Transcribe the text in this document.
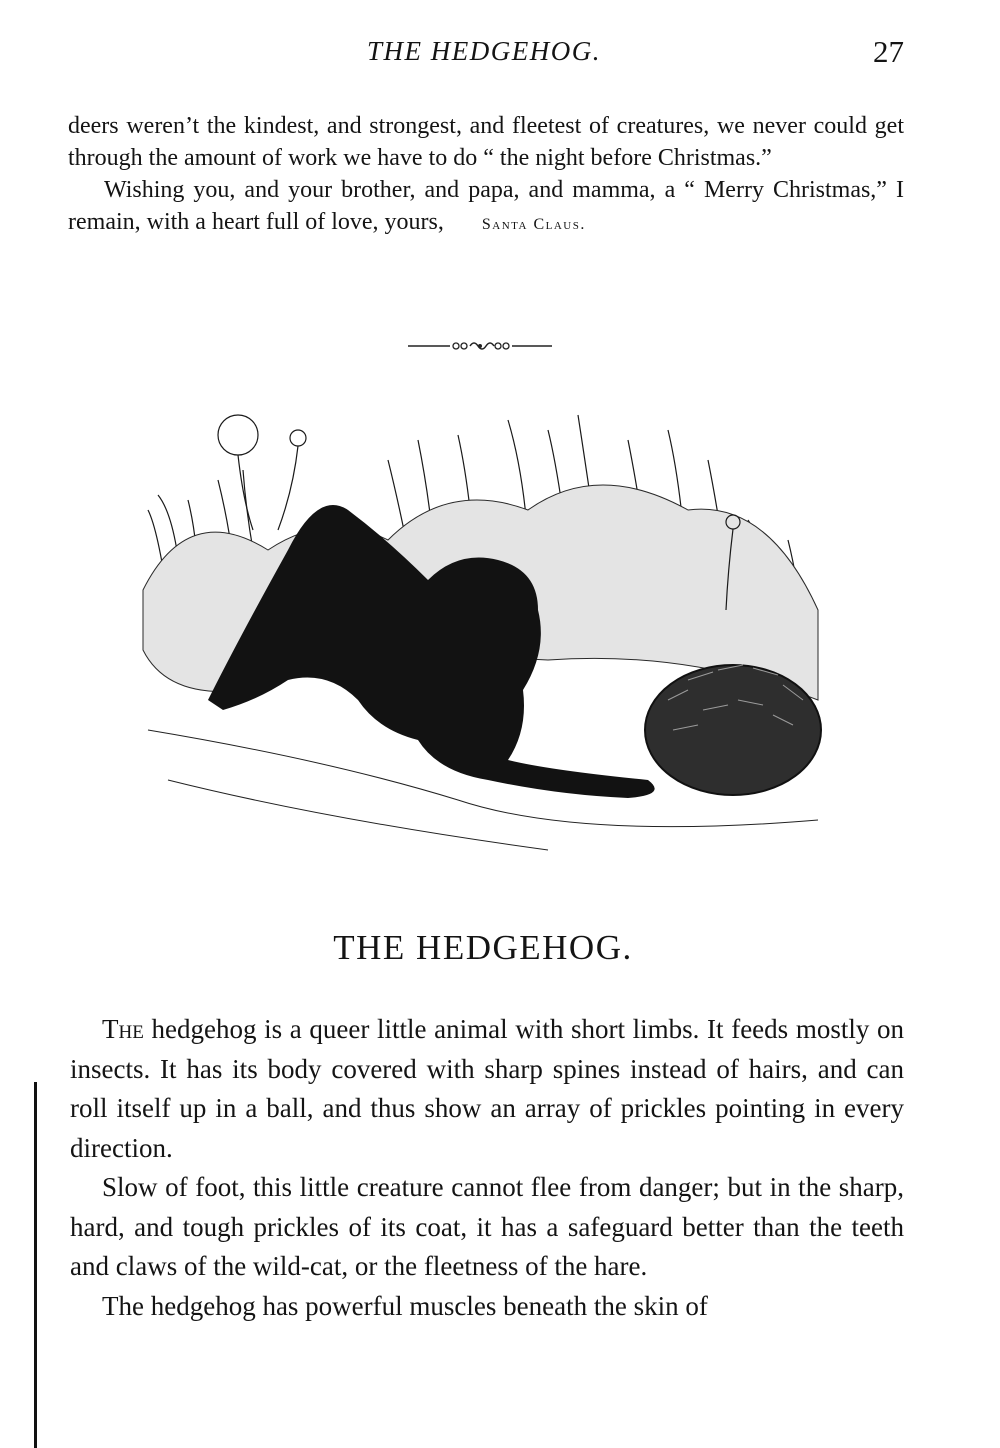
THE HEDGEHOG.	27

deers weren’t the kindest, and strongest, and fleetest of creatures, we never could get through the amount of work we have to do “ the night before Christmas.”

Wishing you, and your brother, and papa, and mamma, a “ Merry Christmas,” I remain, with a heart full of love, yours, Santa Claus.

THE HEDGEHOG.

The hedgehog is a queer little animal with short limbs. It feeds mostly on insects. It has its body covered with sharp spines instead of hairs, and can roll itself up in a ball, and thus show an array of prickles pointing in every direction.

Slow of foot, this little creature cannot flee from danger; but in the sharp, hard, and tough prickles of its coat, it has a safeguard better than the teeth and claws of the wild-cat, or the fleetness of the hare.

The hedgehog has powerful muscles beneath the skin of
